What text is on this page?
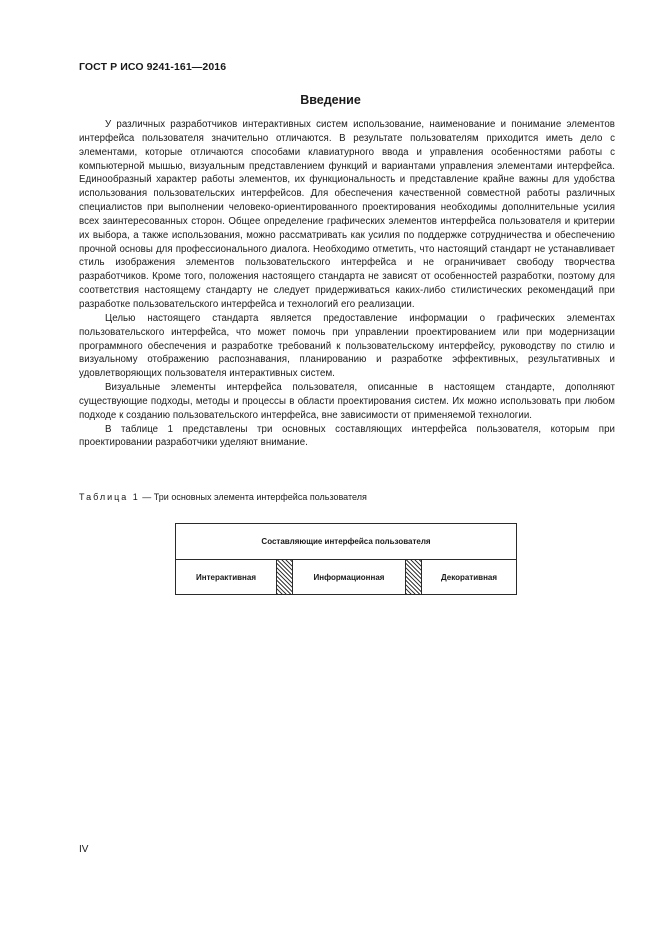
ГОСТ Р ИСО 9241-161—2016
Введение

У различных разработчиков интерактивных систем использование, наименование и понимание элементов интерфейса пользователя значительно отличаются. В результате пользователям приходится иметь дело с элементами, которые отличаются способами клавиатурного ввода и управления особенностями работы с компьютерной мышью, визуальным представлением функций и вариантами управления элементами интерфейса. Единообразный характер работы элементов, их функциональность и представление крайне важны для удобства использования пользовательских интерфейсов. Для обеспечения качественной совместной работы различных специалистов при выполнении человеко-ориентированного проектирования необходимы дополнительные усилия всех заинтересованных сторон. Общее определение графических элементов интерфейса пользователя и критерии их выбора, а также использования, можно рассматривать как усилия по поддержке сотрудничества и обеспечению прочной основы для профессионального диалога. Необходимо отметить, что настоящий стандарт не устанавливает стиль изображения элементов пользовательского интерфейса и не ограничивает свободу творчества разработчиков. Кроме того, положения настоящего стандарта не зависят от особенностей разработки, поэтому для соответствия настоящему стандарту не следует придерживаться каких-либо стилистических рекомендаций при разработке пользовательского интерфейса и технологий его реализации.

Целью настоящего стандарта является предоставление информации о графических элементах пользовательского интерфейса, что может помочь при управлении проектированием или при модернизации программного обеспечения и разработке требований к пользовательскому интерфейсу, руководству по стилю и визуальному отображению распознавания, планированию и разработке эффективных, результативных и удовлетворяющих пользователя интерактивных систем.

Визуальные элементы интерфейса пользователя, описанные в настоящем стандарте, дополняют существующие подходы, методы и процессы в области проектирования систем. Их можно использовать при любом подходе к созданию пользовательского интерфейса, вне зависимости от применяемой технологии.

В таблице 1 представлены три основных составляющих интерфейса пользователя, которым при проектировании разработчики уделяют внимание.

Таблица 1 — Три основных элемента интерфейса пользователя
Составляющие интерфейса пользователя
Интерактивная	Информационная	Декоративная
IV
